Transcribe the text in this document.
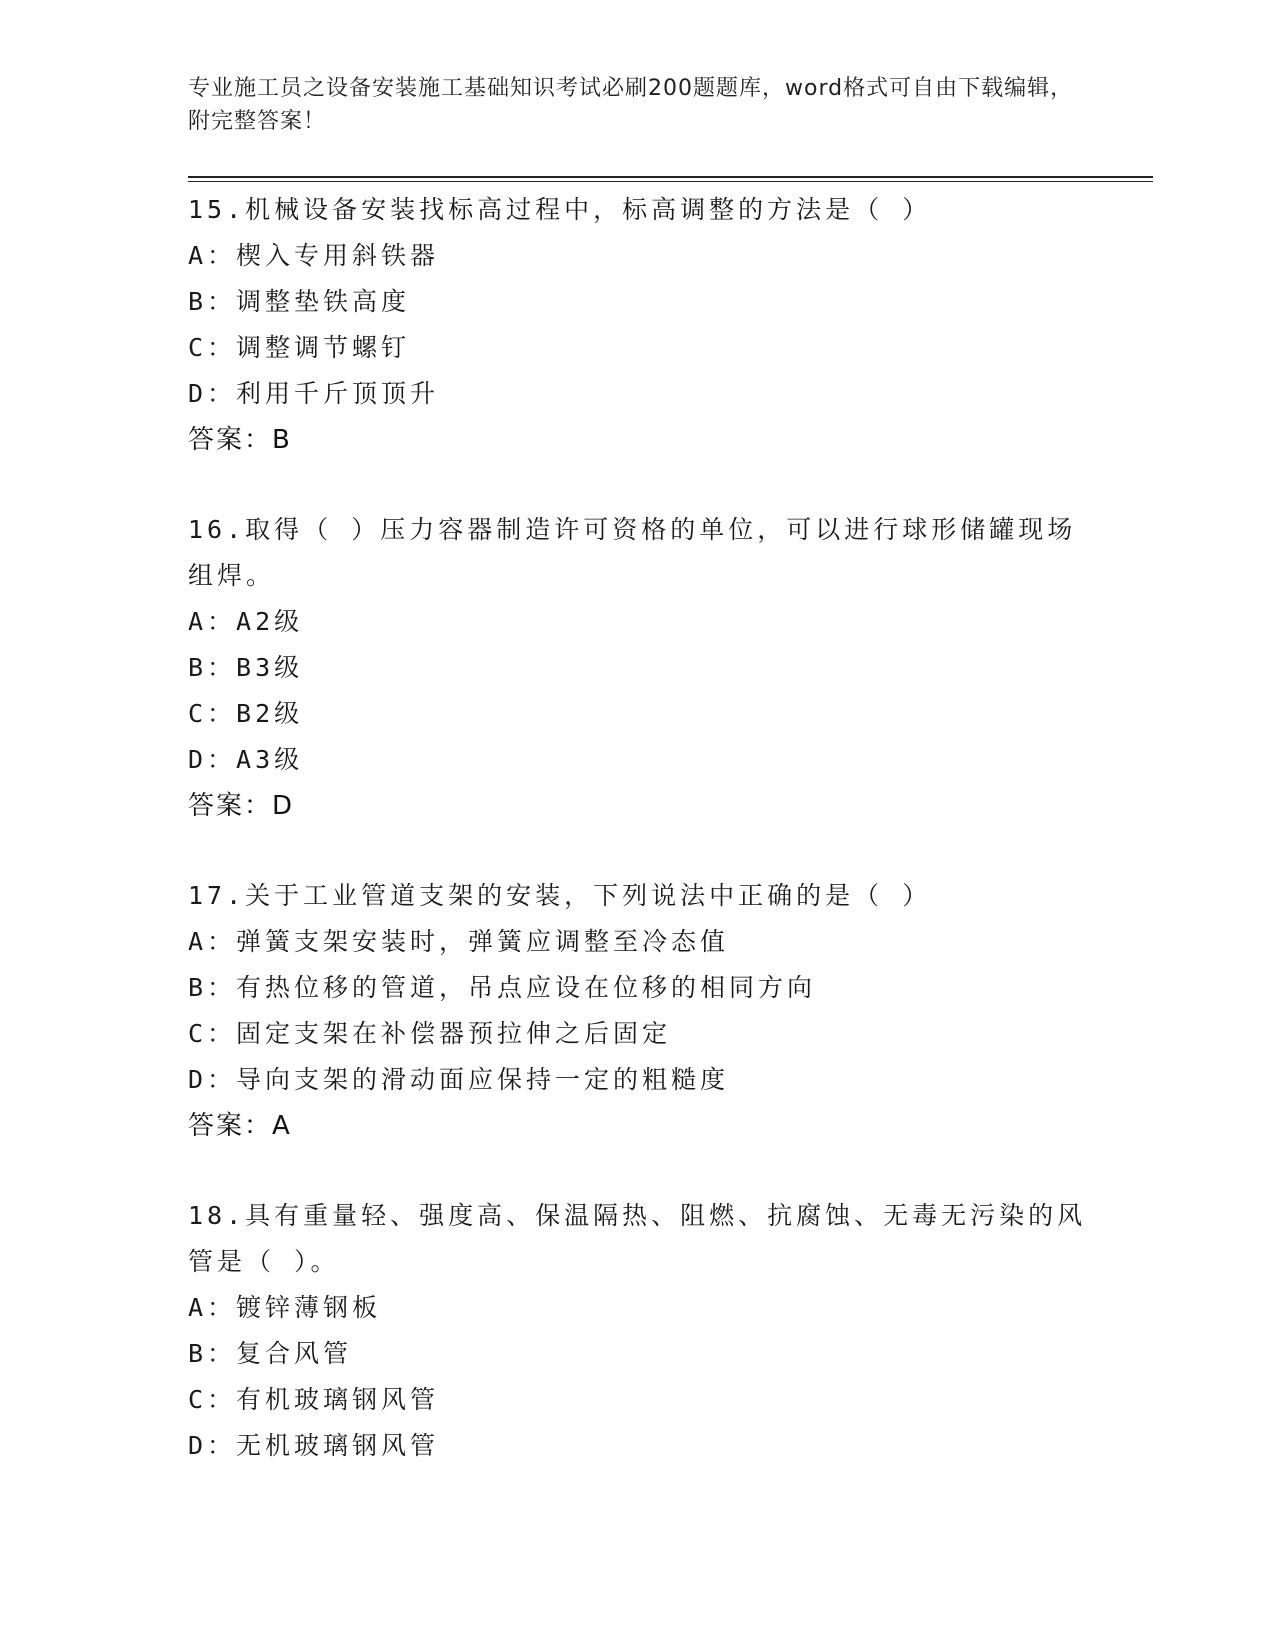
专业施工员之设备安装施工基础知识考试必刷200题题库，word格式可自由下载编辑，附完整答案！
15.机械设备安装找标高过程中，标高调整的方法是（ ）
A：楔入专用斜铁器
B：调整垫铁高度
C：调整调节螺钉
D：利用千斤顶顶升
答案：B
16.取得（ ）压力容器制造许可资格的单位，可以进行球形储罐现场组焊。
A：A2级
B：B3级
C：B2级
D：A3级
答案：D
17.关于工业管道支架的安装，下列说法中正确的是（ ）
A：弹簧支架安装时，弹簧应调整至冷态值
B：有热位移的管道，吊点应设在位移的相同方向
C：固定支架在补偿器预拉伸之后固定
D：导向支架的滑动面应保持一定的粗糙度
答案：A
18.具有重量轻、强度高、保温隔热、阻燃、抗腐蚀、无毒无污染的风管是（ ）。
A：镀锌薄钢板
B：复合风管
C：有机玻璃钢风管
D：无机玻璃钢风管
